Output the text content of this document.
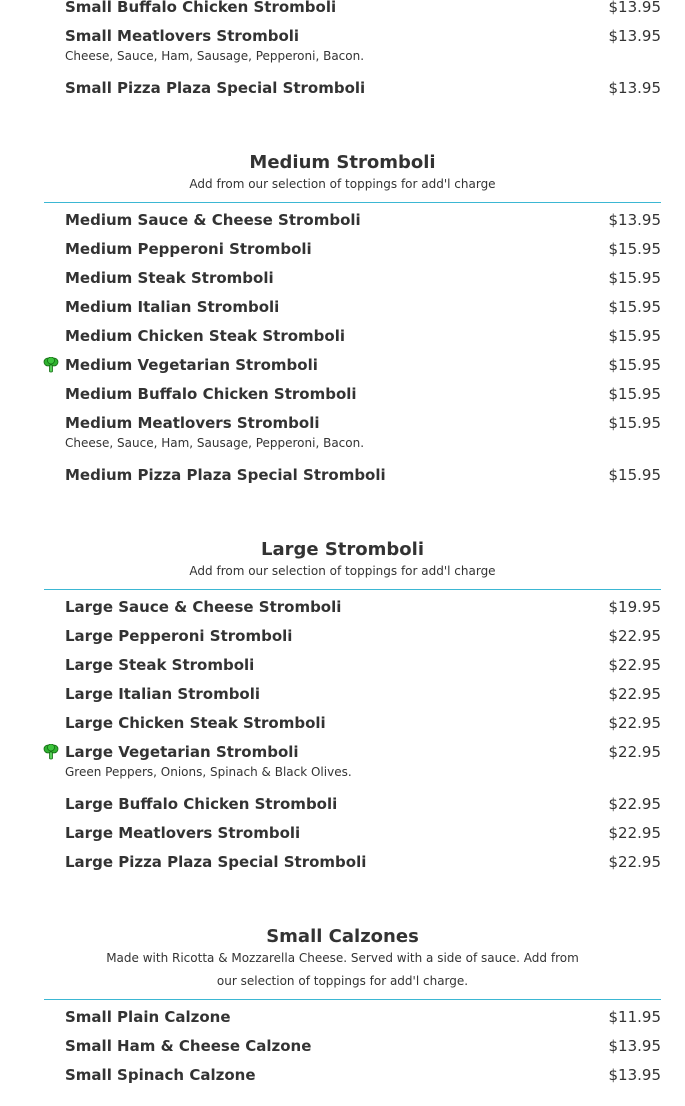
Small Buffalo Chicken Stromboli	$13.95
Small Meatlovers Stromboli	$13.95
Cheese, Sauce, Ham, Sausage, Pepperoni, Bacon.
Small Pizza Plaza Special Stromboli	$13.95
Medium Stromboli
Add from our selection of toppings for add'l charge
Medium Sauce & Cheese Stromboli	$13.95
Medium Pepperoni Stromboli	$15.95
Medium Steak Stromboli	$15.95
Medium Italian Stromboli	$15.95
Medium Chicken Steak Stromboli	$15.95
Medium Vegetarian Stromboli	$15.95
Medium Buffalo Chicken Stromboli	$15.95
Medium Meatlovers Stromboli	$15.95
Cheese, Sauce, Ham, Sausage, Pepperoni, Bacon.
Medium Pizza Plaza Special Stromboli	$15.95
Large Stromboli
Add from our selection of toppings for add'l charge
Large Sauce & Cheese Stromboli	$19.95
Large Pepperoni Stromboli	$22.95
Large Steak Stromboli	$22.95
Large Italian Stromboli	$22.95
Large Chicken Steak Stromboli	$22.95
Large Vegetarian Stromboli	$22.95
Green Peppers, Onions, Spinach & Black Olives.
Large Buffalo Chicken Stromboli	$22.95
Large Meatlovers Stromboli	$22.95
Large Pizza Plaza Special Stromboli	$22.95
Small Calzones
Made with Ricotta & Mozzarella Cheese. Served with a side of sauce. Add from
our selection of toppings for add'l charge.
Small Plain Calzone	$11.95
Small Ham & Cheese Calzone	$13.95
Small Spinach Calzone	$13.95
